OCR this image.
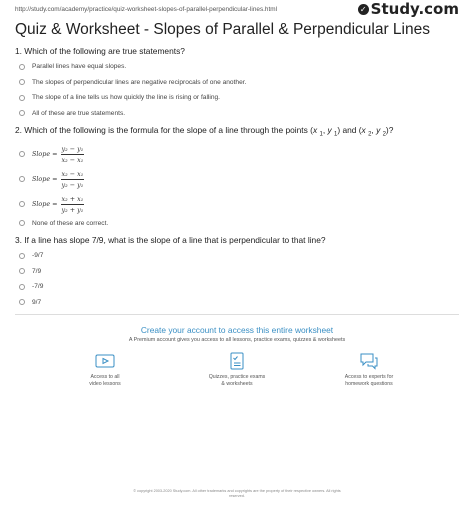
http://study.com/academy/practice/quiz-worksheet-slopes-of-parallel-perpendicular-lines.html	✓ Study.com
Quiz & Worksheet - Slopes of Parallel & Perpendicular Lines
1. Which of the following are true statements?
Parallel lines have equal slopes.
The slopes of perpendicular lines are negative reciprocals of one another.
The slope of a line tells us how quickly the line is rising or falling.
All of these are true statements.
2. Which of the following is the formula for the slope of a line through the points (x $_1$, y $_1$) and (x $_2$, y $_2$)?
Slope = $\frac{\text{y₂ − y₁}}{\text{x₂ − x₁}}$
Slope = $\frac{\text{x₂ − x₁}}{\text{y₂ − y₁}}$
Slope = $\frac{\text{x₂ + x₁}}{\text{y₂ + y₁}}$
None of these are correct.
3. If a line has slope 7/9, what is the slope of a line that is perpendicular to that line?
-9/7
7/9
-7/9
9/7
Create your account to access this entire worksheet
A Premium account gives you access to all lessons, practice exams, quizzes & worksheets
Access to all
video lessons
Quizzes, practice exams
& worksheets
Access to experts for
homework questions
© copyright 2003-2020 Study.com. All other trademarks and copyrights are the property of their respective owners. All rights
reserved.
